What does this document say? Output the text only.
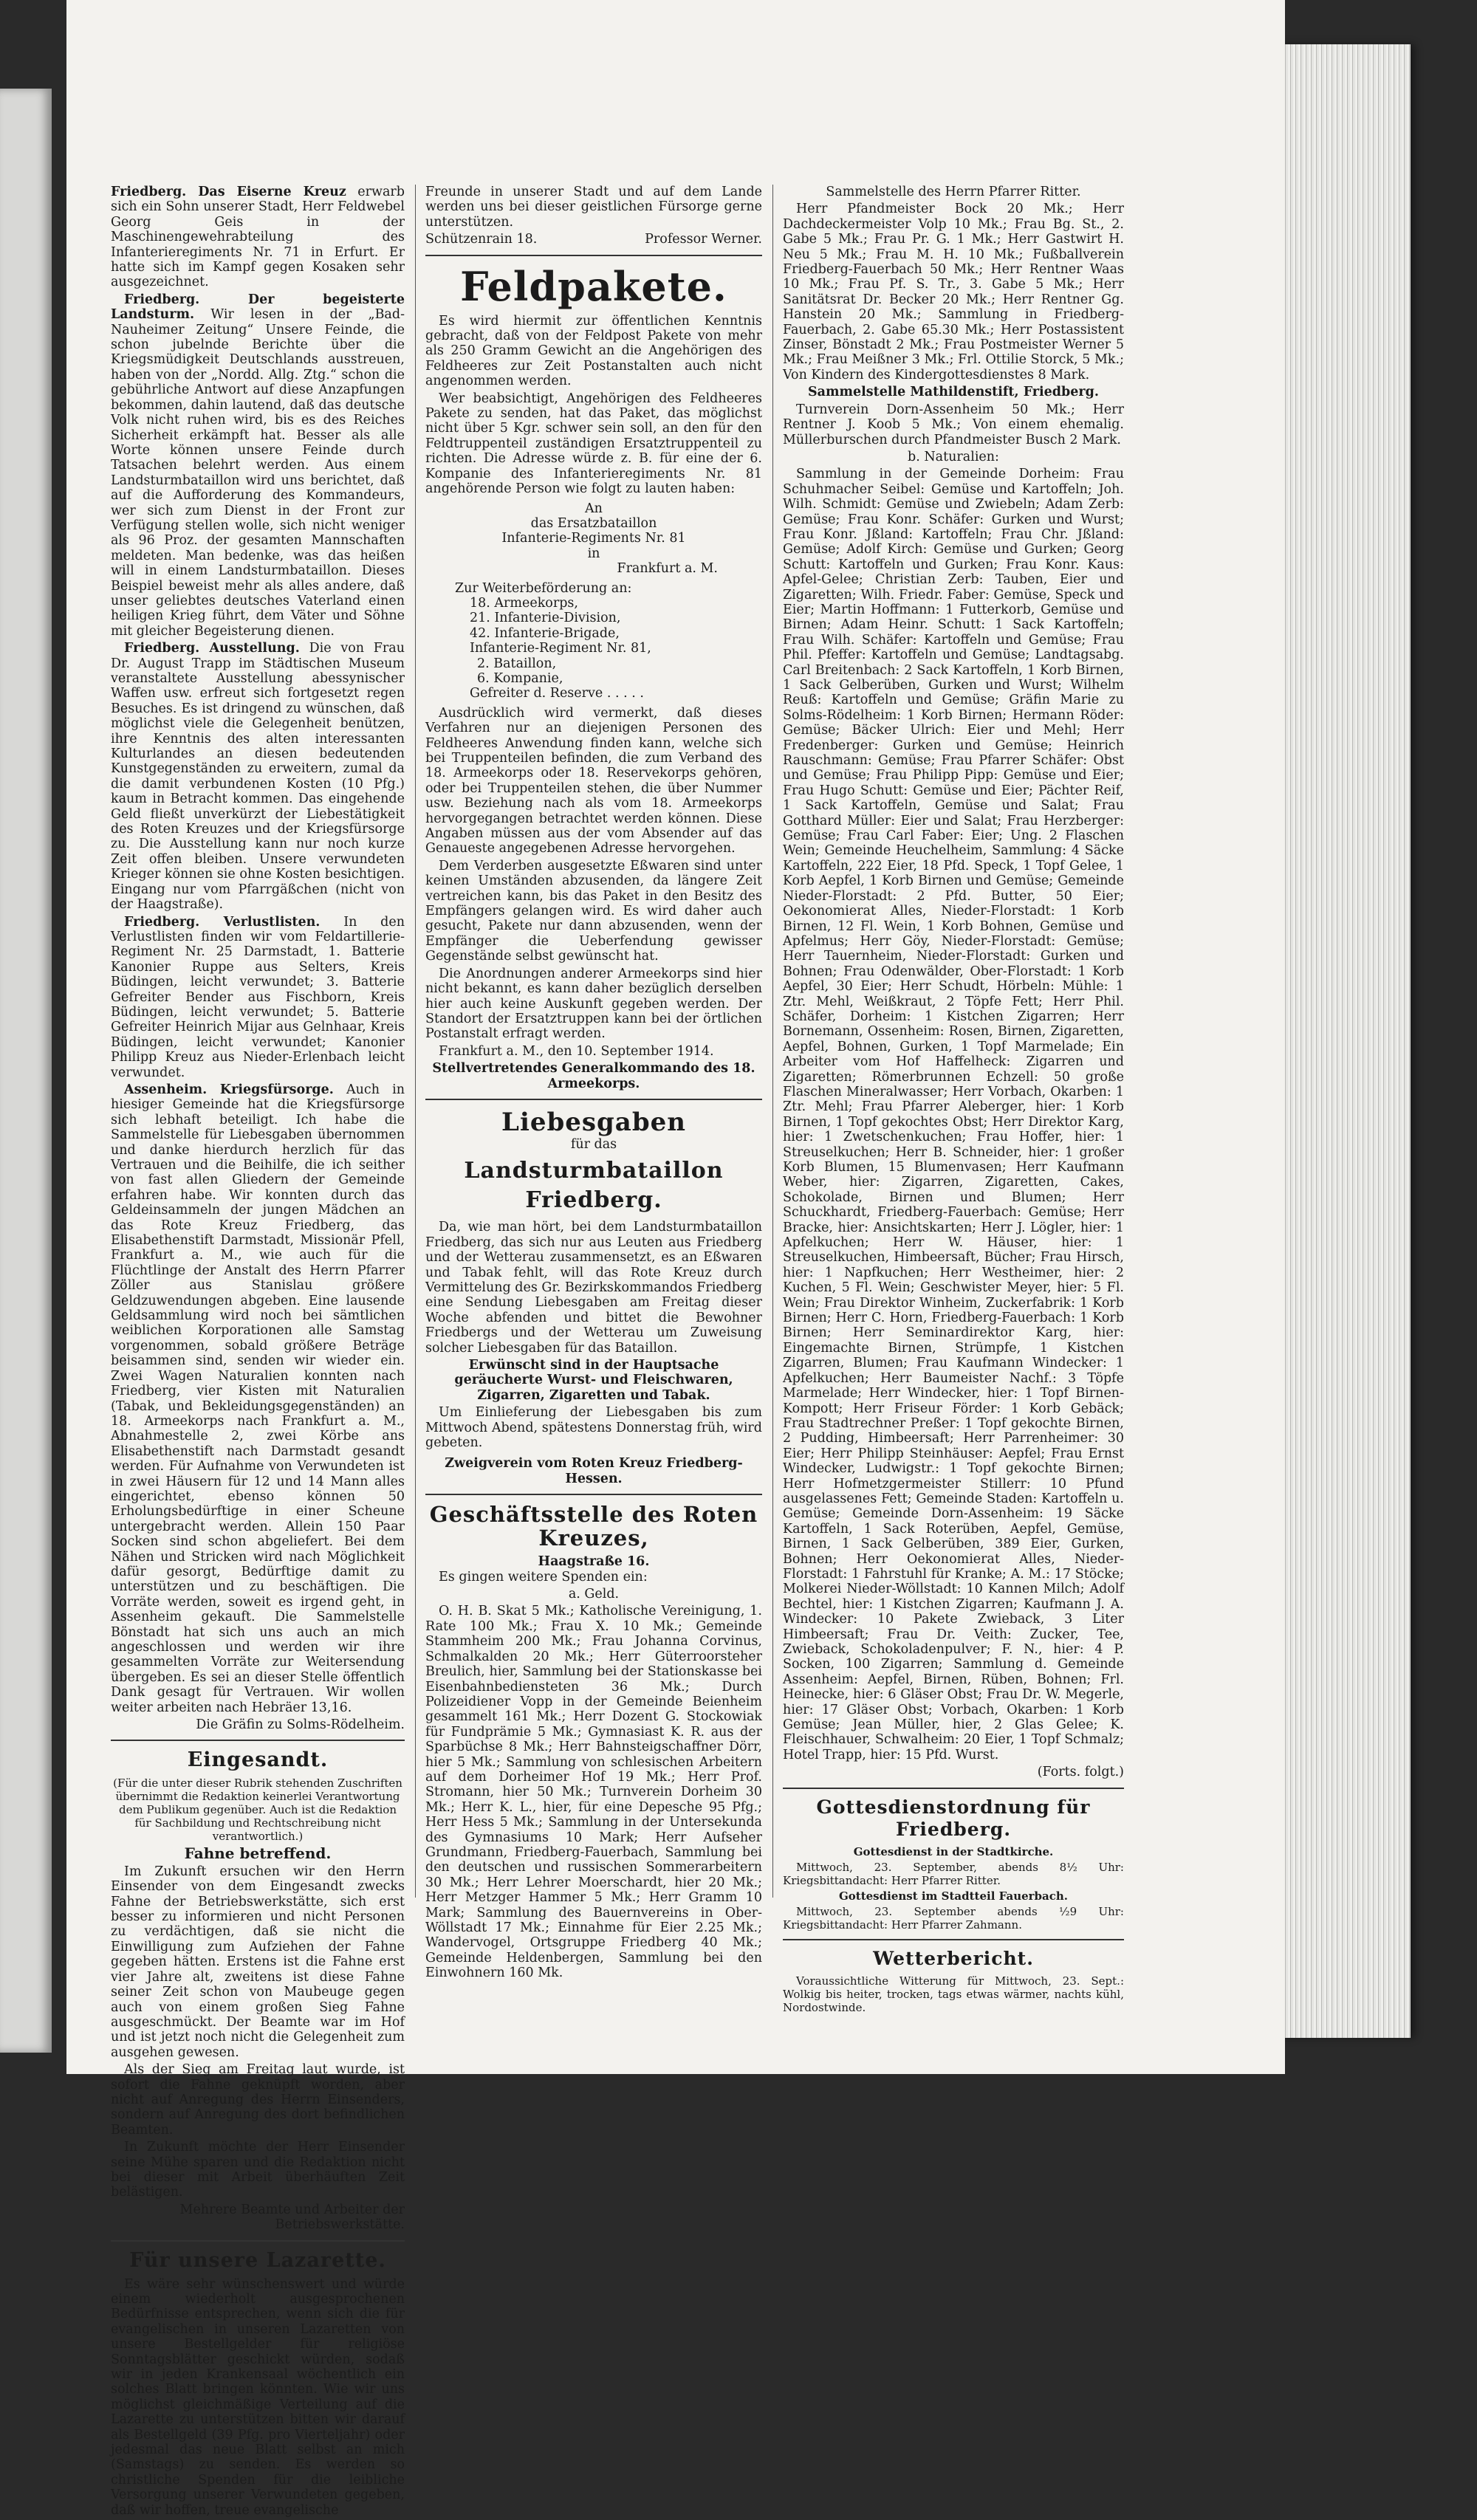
Friedberg. Das Eiserne Kreuz erwarb sich ein Sohn unserer Stadt, Herr Feldwebel Georg Geis in der Maschinengewehrabteilung des Infanterieregiments Nr. 71 in Erfurt. Er hatte sich im Kampf gegen Kosaken sehr ausgezeichnet.

Friedberg. Der begeisterte Landsturm. Wir lesen in der „Bad-Nauheimer Zeitung“ Unsere Feinde, die schon jubelnde Berichte über die Kriegsmüdigkeit Deutschlands ausstreuen, haben von der „Nordd. Allg. Ztg.“ schon die gebührliche Antwort auf diese Anzapfungen bekommen, dahin lautend, daß das deutsche Volk nicht ruhen wird, bis es des Reiches Sicherheit erkämpft hat. Besser als alle Worte können unsere Feinde durch Tatsachen belehrt werden. Aus einem Landsturmbataillon wird uns berichtet, daß auf die Aufforderung des Kommandeurs, wer sich zum Dienst in der Front zur Verfügung stellen wolle, sich nicht weniger als 96 Proz. der gesamten Mannschaften meldeten. Man bedenke, was das heißen will in einem Landsturmbataillon. Dieses Beispiel beweist mehr als alles andere, daß unser geliebtes deutsches Vaterland einen heiligen Krieg führt, dem Väter und Söhne mit gleicher Begeisterung dienen.

Friedberg. Ausstellung. Die von Frau Dr. August Trapp im Städtischen Museum veranstaltete Ausstellung abessynischer Waffen usw. erfreut sich fortgesetzt regen Besuches. Es ist dringend zu wünschen, daß möglichst viele die Gelegenheit benützen, ihre Kenntnis des alten interessanten Kulturlandes an diesen bedeutenden Kunstgegenständen zu erweitern, zumal da die damit verbundenen Kosten (10 Pfg.) kaum in Betracht kommen. Das eingehende Geld fließt unverkürzt der Liebestätigkeit des Roten Kreuzes und der Kriegsfürsorge zu. Die Ausstellung kann nur noch kurze Zeit offen bleiben. Unsere verwundeten Krieger können sie ohne Kosten besichtigen. Eingang nur vom Pfarrgäßchen (nicht von der Haagstraße).

Friedberg. Verlustlisten. In den Verlustlisten finden wir vom Feldartillerie-Regiment Nr. 25 Darmstadt, 1. Batterie Kanonier Ruppe aus Selters, Kreis Büdingen, leicht verwundet; 3. Batterie Gefreiter Bender aus Fischborn, Kreis Büdingen, leicht verwundet; 5. Batterie Gefreiter Heinrich Mijar aus Gelnhaar, Kreis Büdingen, leicht verwundet; Kanonier Philipp Kreuz aus Nieder-Erlenbach leicht verwundet.

Assenheim. Kriegsfürsorge. Auch in hiesiger Gemeinde hat die Kriegsfürsorge sich lebhaft beteiligt. Ich habe die Sammelstelle für Liebesgaben übernommen und danke hierdurch herzlich für das Vertrauen und die Beihilfe, die ich seither von fast allen Gliedern der Gemeinde erfahren habe. Wir konnten durch das Geldeinsammeln der jungen Mädchen an das Rote Kreuz Friedberg, das Elisabethenstift Darmstadt, Missionär Pfell, Frankfurt a. M., wie auch für die Flüchtlinge der Anstalt des Herrn Pfarrer Zöller aus Stanislau größere Geldzuwendungen abgeben. Eine lausende Geldsammlung wird noch bei sämtlichen weiblichen Korporationen alle Samstag vorgenommen, sobald größere Beträge beisammen sind, senden wir wieder ein. Zwei Wagen Naturalien konnten nach Friedberg, vier Kisten mit Naturalien (Tabak, und Bekleidungsgegenständen) an 18. Armeekorps nach Frankfurt a. M., Abnahmestelle 2, zwei Körbe ans Elisabethenstift nach Darmstadt gesandt werden. Für Aufnahme von Verwundeten ist in zwei Häusern für 12 und 14 Mann alles eingerichtet, ebenso können 50 Erholungsbedürftige in einer Scheune untergebracht werden. Allein 150 Paar Socken sind schon abgeliefert. Bei dem Nähen und Stricken wird nach Möglichkeit dafür gesorgt, Bedürftige damit zu unterstützen und zu beschäftigen. Die Vorräte werden, soweit es irgend geht, in Assenheim gekauft. Die Sammelstelle Bönstadt hat sich uns auch an mich angeschlossen und werden wir ihre gesammelten Vorräte zur Weitersendung übergeben. Es sei an dieser Stelle öffentlich Dank gesagt für Vertrauen. Wir wollen weiter arbeiten nach Hebräer 13,16.

Die Gräfin zu Solms-Rödelheim.

Eingesandt.

(Für die unter dieser Rubrik stehenden Zuschriften übernimmt die Redaktion keinerlei Verantwortung dem Publikum gegenüber. Auch ist die Redaktion für Sachbildung und Rechtschreibung nicht verantwortlich.)

Fahne betreffend.

Im Zukunft ersuchen wir den Herrn Einsender von dem Eingesandt zwecks Fahne der Betriebswerkstätte, sich erst besser zu informieren und nicht Personen zu verdächtigen, daß sie nicht die Einwilligung zum Aufziehen der Fahne gegeben hätten. Erstens ist die Fahne erst vier Jahre alt, zweitens ist diese Fahne seiner Zeit schon von Maubeuge gegen auch von einem großen Sieg Fahne ausgeschmückt. Der Beamte war im Hof und ist jetzt noch nicht die Gelegenheit zum ausgehen gewesen.

Als der Sieg am Freitag laut wurde, ist sofort die Fahne geknüpft worden, aber nicht auf Anregung des Herrn Einsenders, sondern auf Anregung des dort befindlichen Beamten.

In Zukunft möchte der Herr Einsender seine Mühe sparen und die Redaktion nicht bei dieser mit Arbeit überhäuften Zeit belästigen.

Mehrere Beamte und Arbeiter der Betriebswerkstätte.

Für unsere Lazarette.

Es wäre sehr wünschenswert und würde einem wiederholt ausgesprochenen Bedürfnisse entsprechen, wenn sich die für evangelischen in unseren Lazaretten von unsere Bestellgelder für religiöse Sonntagsblätter geschickt würden, sodaß wir in jeden Krankensaal wöchentlich ein solches Blatt bringen könnten. Wie wir uns möglichst gleichmäßige Verteilung auf die Lazarette zu unterstützen bitten wir darauf als Bestellgeld (39 Pfg. pro Vierteljahr) oder jedesmal das neue Blatt selbst an mich (Samstags) zu senden. Es werden so christliche Spenden für die leibliche Versorgung unserer Verwundeten gegeben, daß wir hoffen, treue evangelische

Freunde in unserer Stadt und auf dem Lande werden uns bei dieser geistlichen Fürsorge gerne unterstützen.

Schützenrain 18.	Professor Werner.

Feldpakete.

Es wird hiermit zur öffentlichen Kenntnis gebracht, daß von der Feldpost Pakete von mehr als 250 Gramm Gewicht an die Angehörigen des Feldheeres zur Zeit Postanstalten auch nicht angenommen werden.

Wer beabsichtigt, Angehörigen des Feldheeres Pakete zu senden, hat das Paket, das möglichst nicht über 5 Kgr. schwer sein soll, an den für den Feldtruppenteil zuständigen Ersatztruppenteil zu richten. Die Adresse würde z. B. für eine der 6. Kompanie des Infanterieregiments Nr. 81 angehörende Person wie folgt zu lauten haben:

An
das Ersatzbataillon
Infanterie-Regiments Nr. 81
in
Frankfurt a. M.
Zur Weiterbeförderung an:
18. Armeekorps,
21. Infanterie-Division,
42. Infanterie-Brigade,
Infanterie-Regiment Nr. 81,
2. Bataillon,
6. Kompanie,
Gefreiter d. Reserve . . . . .

Ausdrücklich wird vermerkt, daß dieses Verfahren nur an diejenigen Personen des Feldheeres Anwendung finden kann, welche sich bei Truppenteilen befinden, die zum Verband des 18. Armeekorps oder 18. Reservekorps gehören, oder bei Truppenteilen stehen, die über Nummer usw. Beziehung nach als vom 18. Armeekorps hervorgegangen betrachtet werden können. Diese Angaben müssen aus der vom Absender auf das Genaueste angegebenen Adresse hervorgehen.

Dem Verderben ausgesetzte Eßwaren sind unter keinen Umständen abzusenden, da längere Zeit vertreichen kann, bis das Paket in den Besitz des Empfängers gelangen wird. Es wird daher auch gesucht, Pakete nur dann abzusenden, wenn der Empfänger die Ueberfendung gewisser Gegenstände selbst gewünscht hat.

Die Anordnungen anderer Armeekorps sind hier nicht bekannt, es kann daher bezüglich derselben hier auch keine Auskunft gegeben werden. Der Standort der Ersatztruppen kann bei der örtlichen Postanstalt erfragt werden.

Frankfurt a. M., den 10. September 1914.

Stellvertretendes Generalkommando des 18. Armeekorps.

Liebesgaben
für das
Landsturmbataillon Friedberg.

Da, wie man hört, bei dem Landsturmbataillon Friedberg, das sich nur aus Leuten aus Friedberg und der Wetterau zusammensetzt, es an Eßwaren und Tabak fehlt, will das Rote Kreuz durch Vermittelung des Gr. Bezirkskommandos Friedberg eine Sendung Liebesgaben am Freitag dieser Woche abfenden und bittet die Bewohner Friedbergs und der Wetterau um Zuweisung solcher Liebesgaben für das Bataillon.

Erwünscht sind in der Hauptsache geräucherte Wurst- und Fleischwaren, Zigarren, Zigaretten und Tabak.

Um Einlieferung der Liebesgaben bis zum Mittwoch Abend, spätestens Donnerstag früh, wird gebeten.

Zweigverein vom Roten Kreuz Friedberg-Hessen.

Geschäftsstelle des Roten Kreuzes,
Haagstraße 16.

Es gingen weitere Spenden ein:

a. Geld.

O. H. B. Skat 5 Mk.; Katholische Vereinigung, 1. Rate 100 Mk.; Frau X. 10 Mk.; Gemeinde Stammheim 200 Mk.; Frau Johanna Corvinus, Schmalkalden 20 Mk.; Herr Güterroorsteher Breulich, hier, Sammlung bei der Stationskasse bei Eisenbahnbediensteten 36 Mk.; Durch Polizeidiener Vopp in der Gemeinde Beienheim gesammelt 161 Mk.; Herr Dozent G. Stockowiak für Fundprämie 5 Mk.; Gymnasiast K. R. aus der Sparbüchse 8 Mk.; Herr Bahnsteigschaffner Dörr, hier 5 Mk.; Sammlung von schlesischen Arbeitern auf dem Dorheimer Hof 19 Mk.; Herr Prof. Stromann, hier 50 Mk.; Turnverein Dorheim 30 Mk.; Herr K. L., hier, für eine Depesche 95 Pfg.; Herr Hess 5 Mk.; Sammlung in der Untersekunda des Gymnasiums 10 Mark; Herr Aufseher Grundmann, Friedberg-Fauerbach, Sammlung bei den deutschen und russischen Sommerarbeitern 30 Mk.; Herr Lehrer Moerschardt, hier 20 Mk.; Herr Metzger Hammer 5 Mk.; Herr Gramm 10 Mark; Sammlung des Bauernvereins in Ober-Wöllstadt 17 Mk.; Einnahme für Eier 2.25 Mk.; Wandervogel, Ortsgruppe Friedberg 40 Mk.; Gemeinde Heldenbergen, Sammlung bei den Einwohnern 160 Mk.

Sammelstelle des Herrn Pfarrer Ritter.

Herr Pfandmeister Bock 20 Mk.; Herr Dachdeckermeister Volp 10 Mk.; Frau Bg. St., 2. Gabe 5 Mk.; Frau Pr. G. 1 Mk.; Herr Gastwirt H. Neu 5 Mk.; Frau M. H. 10 Mk.; Fußballverein Friedberg-Fauerbach 50 Mk.; Herr Rentner Waas 10 Mk.; Frau Pf. S. Tr., 3. Gabe 5 Mk.; Herr Sanitätsrat Dr. Becker 20 Mk.; Herr Rentner Gg. Hanstein 20 Mk.; Sammlung in Friedberg-Fauerbach, 2. Gabe 65.30 Mk.; Herr Postassistent Zinser, Bönstadt 2 Mk.; Frau Postmeister Werner 5 Mk.; Frau Meißner 3 Mk.; Frl. Ottilie Storck, 5 Mk.; Von Kindern des Kindergottesdienstes 8 Mark.

Sammelstelle Mathildenstift, Friedberg.

Turnverein Dorn-Assenheim 50 Mk.; Herr Rentner J. Koob 5 Mk.; Von einem ehemalig. Müllerburschen durch Pfandmeister Busch 2 Mark.

b. Naturalien:

Sammlung in der Gemeinde Dorheim: Frau Schuhmacher Seibel: Gemüse und Kartoffeln; Joh. Wilh. Schmidt: Gemüse und Zwiebeln; Adam Zerb: Gemüse; Frau Konr. Schäfer: Gurken und Wurst; Frau Konr. Jßland: Kartoffeln; Frau Chr. Jßland: Gemüse; Adolf Kirch: Gemüse und Gurken; Georg Schutt: Kartoffeln und Gurken; Frau Konr. Kaus: Apfel-Gelee; Christian Zerb: Tauben, Eier und Zigaretten; Wilh. Friedr. Faber: Gemüse, Speck und Eier; Martin Hoffmann: 1 Futterkorb, Gemüse und Birnen; Adam Heinr. Schutt: 1 Sack Kartoffeln; Frau Wilh. Schäfer: Kartoffeln und Gemüse; Frau Phil. Pfeffer: Kartoffeln und Gemüse; Landtagsabg. Carl Breitenbach: 2 Sack Kartoffeln, 1 Korb Birnen, 1 Sack Gelberüben, Gurken und Wurst; Wilhelm Reuß: Kartoffeln und Gemüse; Gräfin Marie zu Solms-Rödelheim: 1 Korb Birnen; Hermann Röder: Gemüse; Bäcker Ulrich: Eier und Mehl; Herr Fredenberger: Gurken und Gemüse; Heinrich Rauschmann: Gemüse; Frau Pfarrer Schäfer: Obst und Gemüse; Frau Philipp Pipp: Gemüse und Eier; Frau Hugo Schutt: Gemüse und Eier; Pächter Reif, 1 Sack Kartoffeln, Gemüse und Salat; Frau Gotthard Müller: Eier und Salat; Frau Herzberger: Gemüse; Frau Carl Faber: Eier; Ung. 2 Flaschen Wein; Gemeinde Heuchelheim, Sammlung: 4 Säcke Kartoffeln, 222 Eier, 18 Pfd. Speck, 1 Topf Gelee, 1 Korb Aepfel, 1 Korb Birnen und Gemüse; Gemeinde Nieder-Florstadt: 2 Pfd. Butter, 50 Eier; Oekonomierat Alles, Nieder-Florstadt: 1 Korb Birnen, 12 Fl. Wein, 1 Korb Bohnen, Gemüse und Apfelmus; Herr Göy, Nieder-Florstadt: Gemüse; Herr Tauernheim, Nieder-Florstadt: Gurken und Bohnen; Frau Odenwälder, Ober-Florstadt: 1 Korb Aepfel, 30 Eier; Herr Schudt, Hörbeln: Mühle: 1 Ztr. Mehl, Weißkraut, 2 Töpfe Fett; Herr Phil. Schäfer, Dorheim: 1 Kistchen Zigarren; Herr Bornemann, Ossenheim: Rosen, Birnen, Zigaretten, Aepfel, Bohnen, Gurken, 1 Topf Marmelade; Ein Arbeiter vom Hof Haffelheck: Zigarren und Zigaretten; Römerbrunnen Echzell: 50 große Flaschen Mineralwasser; Herr Vorbach, Okarben: 1 Ztr. Mehl; Frau Pfarrer Aleberger, hier: 1 Korb Birnen, 1 Topf gekochtes Obst; Herr Direktor Karg, hier: 1 Zwetschenkuchen; Frau Hoffer, hier: 1 Streuselkuchen; Herr B. Schneider, hier: 1 großer Korb Blumen, 15 Blumenvasen; Herr Kaufmann Weber, hier: Zigarren, Zigaretten, Cakes, Schokolade, Birnen und Blumen; Herr Schuckhardt, Friedberg-Fauerbach: Gemüse; Herr Bracke, hier: Ansichtskarten; Herr J. Lögler, hier: 1 Apfelkuchen; Herr W. Häuser, hier: 1 Streuselkuchen, Himbeersaft, Bücher; Frau Hirsch, hier: 1 Napfkuchen; Herr Westheimer, hier: 2 Kuchen, 5 Fl. Wein; Geschwister Meyer, hier: 5 Fl. Wein; Frau Direktor Winheim, Zuckerfabrik: 1 Korb Birnen; Herr C. Horn, Friedberg-Fauerbach: 1 Korb Birnen; Herr Seminardirektor Karg, hier: Eingemachte Birnen, Strümpfe, 1 Kistchen Zigarren, Blumen; Frau Kaufmann Windecker: 1 Apfelkuchen; Herr Baumeister Nachf.: 3 Töpfe Marmelade; Herr Windecker, hier: 1 Topf Birnen-Kompott; Herr Friseur Förder: 1 Korb Gebäck; Frau Stadtrechner Preßer: 1 Topf gekochte Birnen, 2 Pudding, Himbeersaft; Herr Parrenheimer: 30 Eier; Herr Philipp Steinhäuser: Aepfel; Frau Ernst Windecker, Ludwigstr.: 1 Topf gekochte Birnen; Herr Hofmetzgermeister Stillerr: 10 Pfund ausgelassenes Fett; Gemeinde Staden: Kartoffeln u. Gemüse; Gemeinde Dorn-Assenheim: 19 Säcke Kartoffeln, 1 Sack Roterüben, Aepfel, Gemüse, Birnen, 1 Sack Gelberüben, 389 Eier, Gurken, Bohnen; Herr Oekonomierat Alles, Nieder-Florstadt: 1 Fahrstuhl für Kranke; A. M.: 17 Stöcke; Molkerei Nieder-Wöllstadt: 10 Kannen Milch; Adolf Bechtel, hier: 1 Kistchen Zigarren; Kaufmann J. A. Windecker: 10 Pakete Zwieback, 3 Liter Himbeersaft; Frau Dr. Veith: Zucker, Tee, Zwieback, Schokoladenpulver; F. N., hier: 4 P. Socken, 100 Zigarren; Sammlung d. Gemeinde Assenheim: Aepfel, Birnen, Rüben, Bohnen; Frl. Heinecke, hier: 6 Gläser Obst; Frau Dr. W. Megerle, hier: 17 Gläser Obst; Vorbach, Okarben: 1 Korb Gemüse; Jean Müller, hier, 2 Glas Gelee; K. Fleischhauer, Schwalheim: 20 Eier, 1 Topf Schmalz; Hotel Trapp, hier: 15 Pfd. Wurst.

(Forts. folgt.)

Gottesdienstordnung für Friedberg.

Gottesdienst in der Stadtkirche.

Mittwoch, 23. September, abends 8½ Uhr: Kriegsbittandacht: Herr Pfarrer Ritter.

Gottesdienst im Stadtteil Fauerbach.

Mittwoch, 23. September abends ½9 Uhr: Kriegsbittandacht: Herr Pfarrer Zahmann.

Wetterbericht.

Voraussichtliche Witterung für Mittwoch, 23. Sept.: Wolkig bis heiter, trocken, tags etwas wärmer, nachts kühl, Nordostwinde.
